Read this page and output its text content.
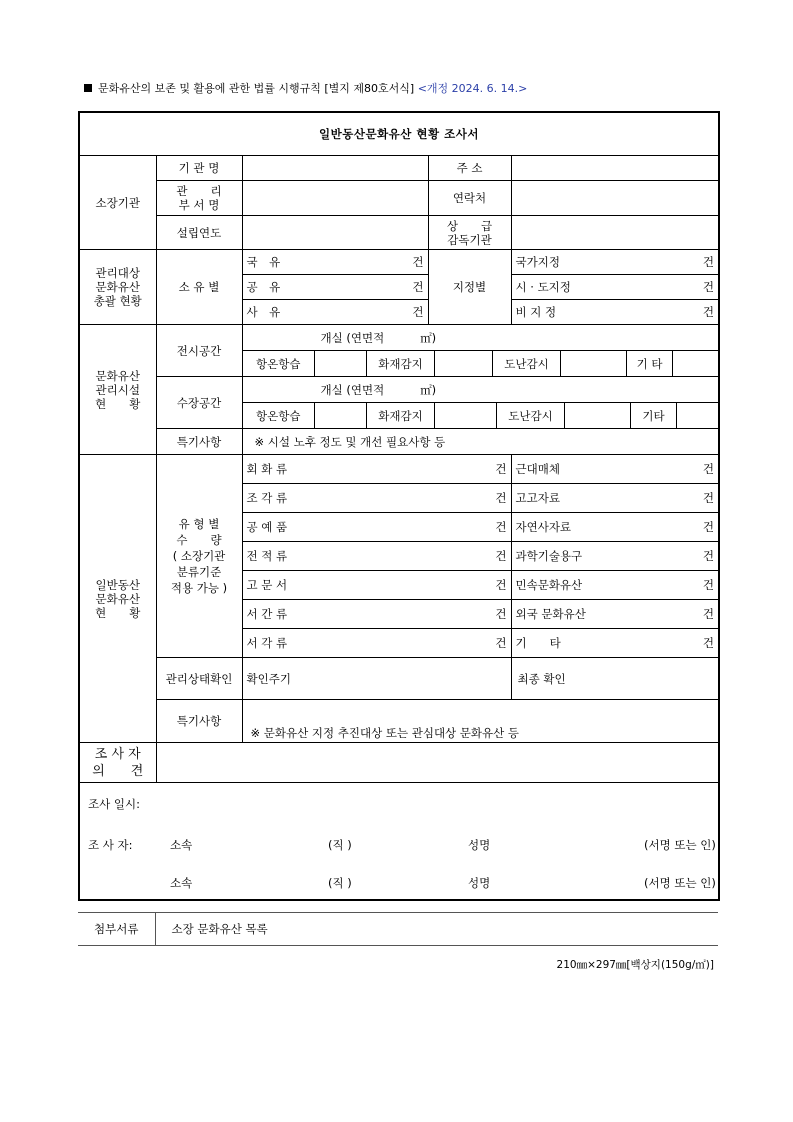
문화유산의 보존 및 활용에 관한 법률 시행규칙 [별지 제80호서식] <개정 2024. 6. 14.>
일반동산문화유산 현황 조사서
소장기관	기 관 명		주 소	

관　　리
부 서 명		연락처	
설립연도		상　　급
감독기관

관리대상
문화유산
총괄 현황
	소 유 별	국　유	건
	지정별	국가지정	건

공　유	건	시 · 도지정	건

사　유	건	비 지 정	건

문화유산
관리시설
현　　황
	전시공간	
개실 (연면적	㎡)
항온항습		화재감지		도난감시		기 타	

수장공간	
개실 (연면적	㎡)
항온항습		화재감지		도난감시		기타	

특기사항	※ 시설 노후 정도 및 개선 필요사항 등

일반동산
문화유산
현　　황

유 형 별
수　　량
( 소장기관
분류기준
적용 가능 )
	회 화 류	건	근대매체	건

조 각 류	건	고고자료	건

공 예 품	건	자연사자료	건

전 적 류	건	과학기술용구	건

고 문 서	건	민속문화유산	건

서 간 류	건	외국 문화유산	건

서 각 류	건	기　　타	건

관리상태확인	확인주기	최종 확인
특기사항	※ 문화유산 지정 추진대상 또는 관심대상 문화유산 등

조 사 자
의　　견

조사 일시:
조 사 자:	소속	(직 )	성명	(서명 또는 인)
소속	(직 )	성명	(서명 또는 인)
첨부서류	소장 문화유산 목록
210㎜×297㎜[백상지(150g/㎡)]
